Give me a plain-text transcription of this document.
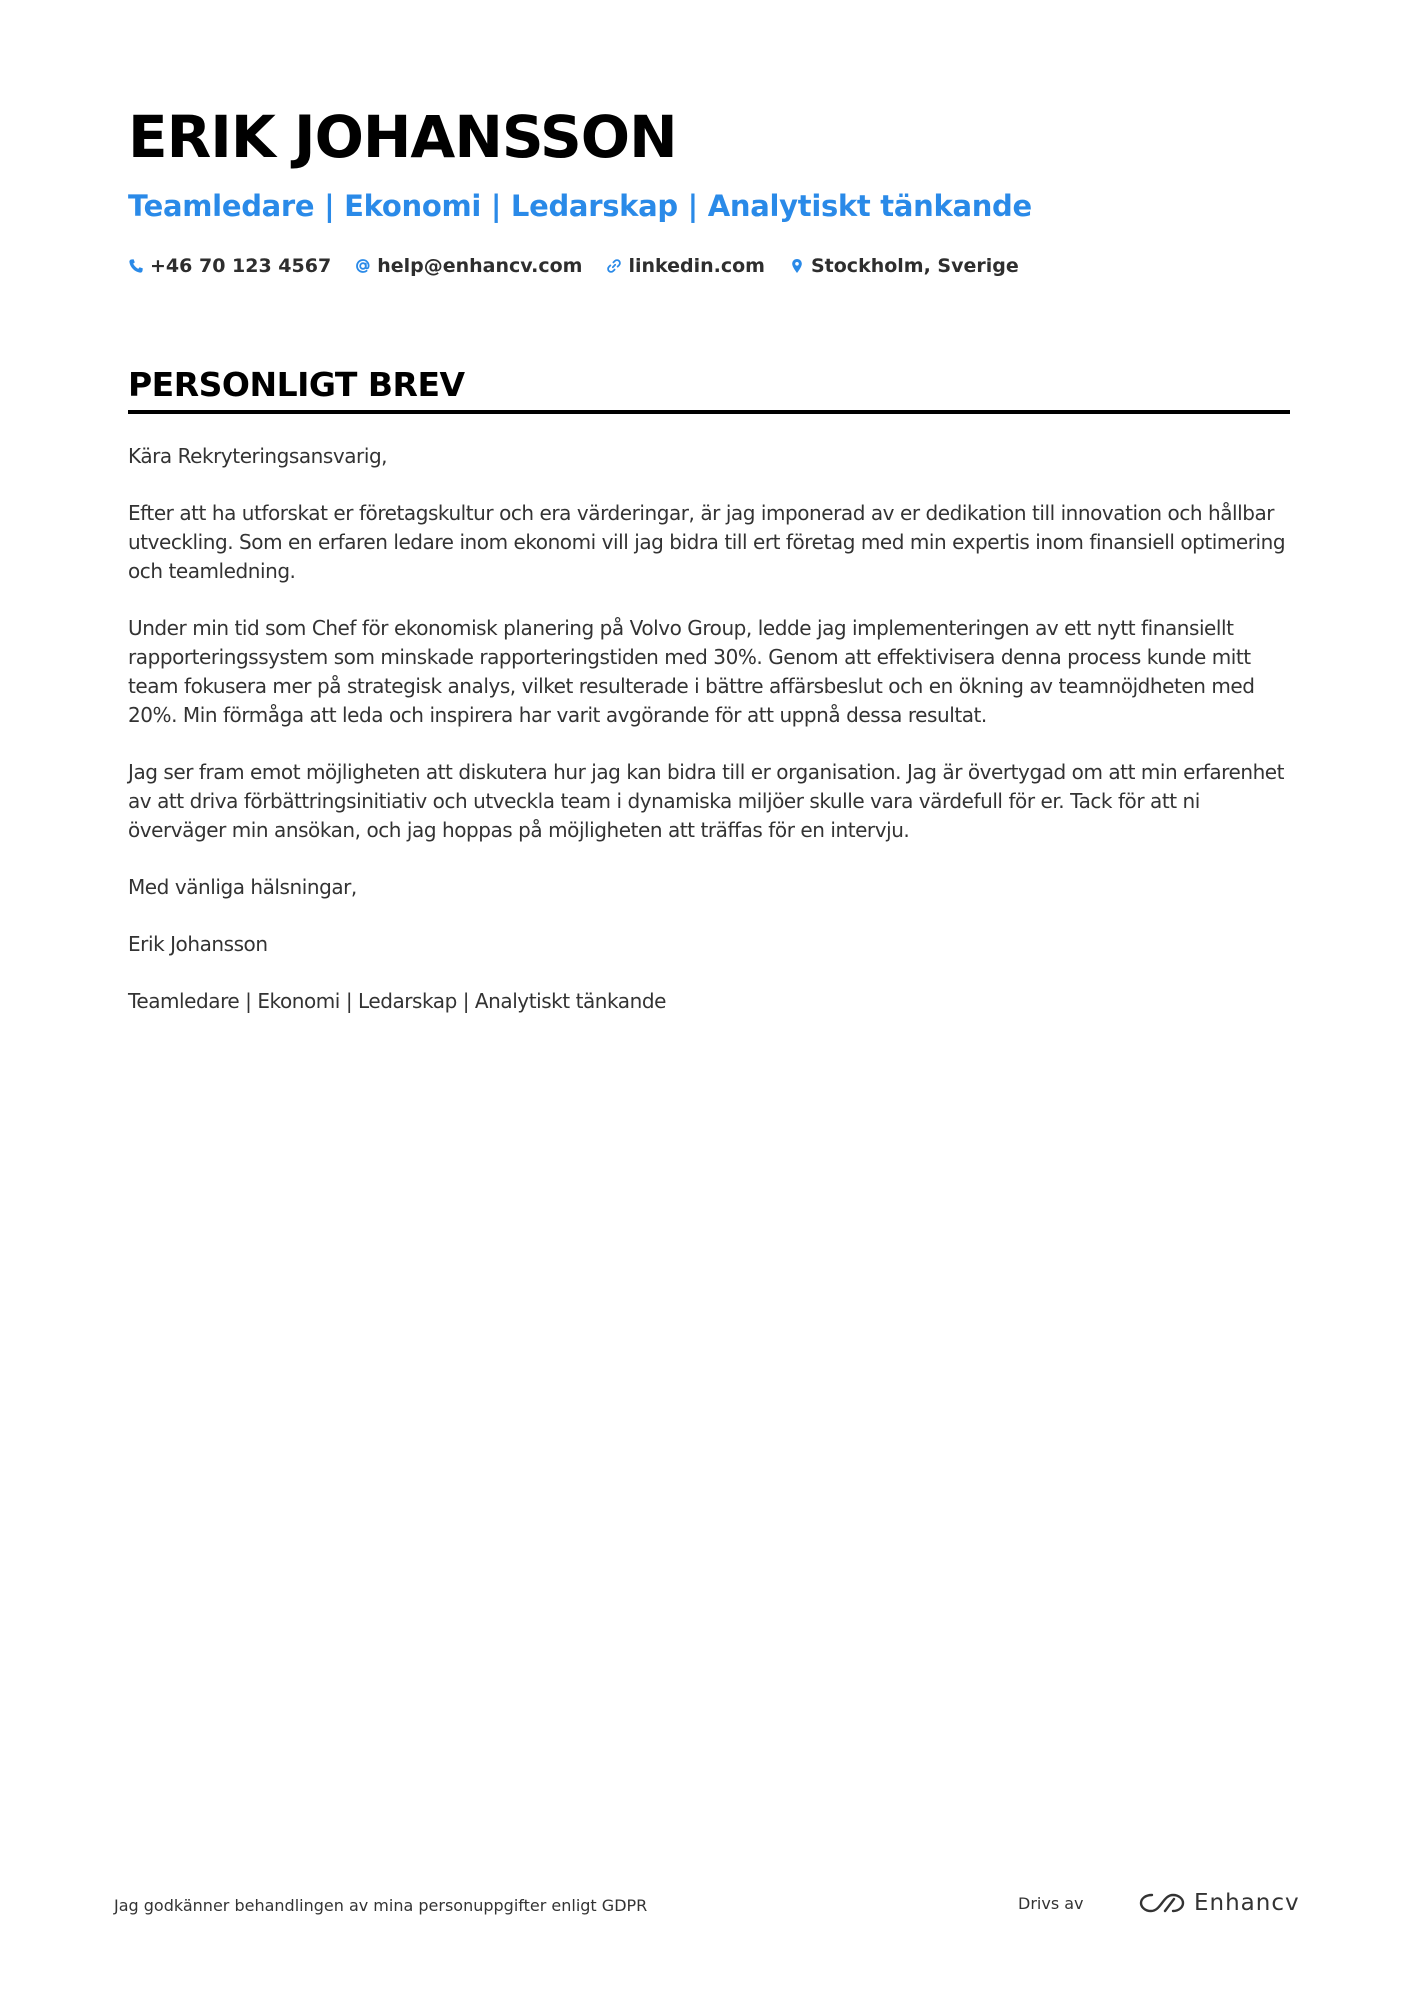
ERIK JOHANSSON
Teamledare | Ekonomi | Ledarskap | Analytiskt tänkande
+46 70 123 4567 help@enhancv.com linkedin.com Stockholm, Sverige
PERSONLIGT BREV

Kära Rekryteringsansvarig,

Efter att ha utforskat er företagskultur och era värderingar, är jag imponerad av er dedikation till innovation och hållbar utveckling. Som en erfaren ledare inom ekonomi vill jag bidra till ert företag med min expertis inom finansiell optimering och teamledning.

Under min tid som Chef för ekonomisk planering på Volvo Group, ledde jag implementeringen av ett nytt finansiellt rapporteringssystem som minskade rapporteringstiden med 30%. Genom att effektivisera denna process kunde mitt team fokusera mer på strategisk analys, vilket resulterade i bättre affärsbeslut och en ökning av teamnöjdheten med 20%. Min förmåga att leda och inspirera har varit avgörande för att uppnå dessa resultat.

Jag ser fram emot möjligheten att diskutera hur jag kan bidra till er organisation. Jag är övertygad om att min erfarenhet av att driva förbättringsinitiativ och utveckla team i dynamiska miljöer skulle vara värdefull för er. Tack för att ni överväger min ansökan, och jag hoppas på möjligheten att träffas för en intervju.

Med vänliga hälsningar,

Erik Johansson

Teamledare | Ekonomi | Ledarskap | Analytiskt tänkande

Jag godkänner behandlingen av mina personuppgifter enligt GDPR	Drivs av	Enhancv
